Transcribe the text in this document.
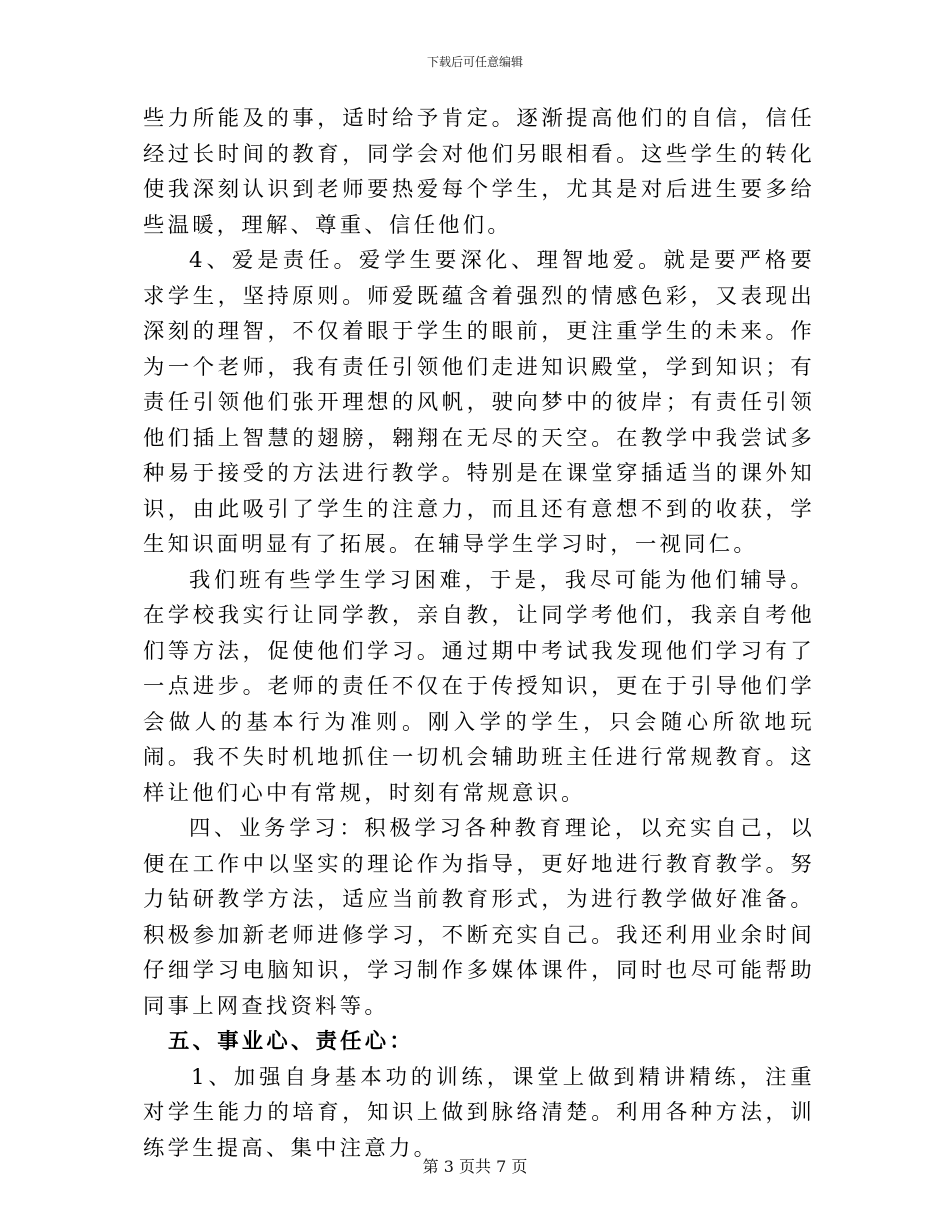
下载后可任意编辑

些力所能及的事，适时给予肯定。逐渐提高他们的自信，信任经过长时间的教育，同学会对他们另眼相看。这些学生的转化使我深刻认识到老师要热爱每个学生，尤其是对后进生要多给些温暖，理解、尊重、信任他们。

4、爱是责任。爱学生要深化、理智地爱。就是要严格要求学生，坚持原则。师爱既蕴含着强烈的情感色彩，又表现出深刻的理智，不仅着眼于学生的眼前，更注重学生的未来。作为一个老师，我有责任引领他们走进知识殿堂，学到知识；有责任引领他们张开理想的风帆，驶向梦中的彼岸；有责任引领他们插上智慧的翅膀，翱翔在无尽的天空。在教学中我尝试多种易于接受的方法进行教学。特别是在课堂穿插适当的课外知识，由此吸引了学生的注意力，而且还有意想不到的收获，学生知识面明显有了拓展。在辅导学生学习时，一视同仁。

我们班有些学生学习困难，于是，我尽可能为他们辅导。在学校我实行让同学教，亲自教，让同学考他们，我亲自考他们等方法，促使他们学习。通过期中考试我发现他们学习有了一点进步。老师的责任不仅在于传授知识，更在于引导他们学会做人的基本行为准则。刚入学的学生，只会随心所欲地玩闹。我不失时机地抓住一切机会辅助班主任进行常规教育。这样让他们心中有常规，时刻有常规意识。

四、业务学习：积极学习各种教育理论，以充实自己，以便在工作中以坚实的理论作为指导，更好地进行教育教学。努力钻研教学方法，适应当前教育形式，为进行教学做好准备。积极参加新老师进修学习，不断充实自己。我还利用业余时间仔细学习电脑知识，学习制作多媒体课件，同时也尽可能帮助同事上网查找资料等。

五、事业心、责任心：

1、加强自身基本功的训练，课堂上做到精讲精练，注重对学生能力的培育，知识上做到脉络清楚。利用各种方法，训练学生提高、集中注意力。

第 3 页共 7 页
